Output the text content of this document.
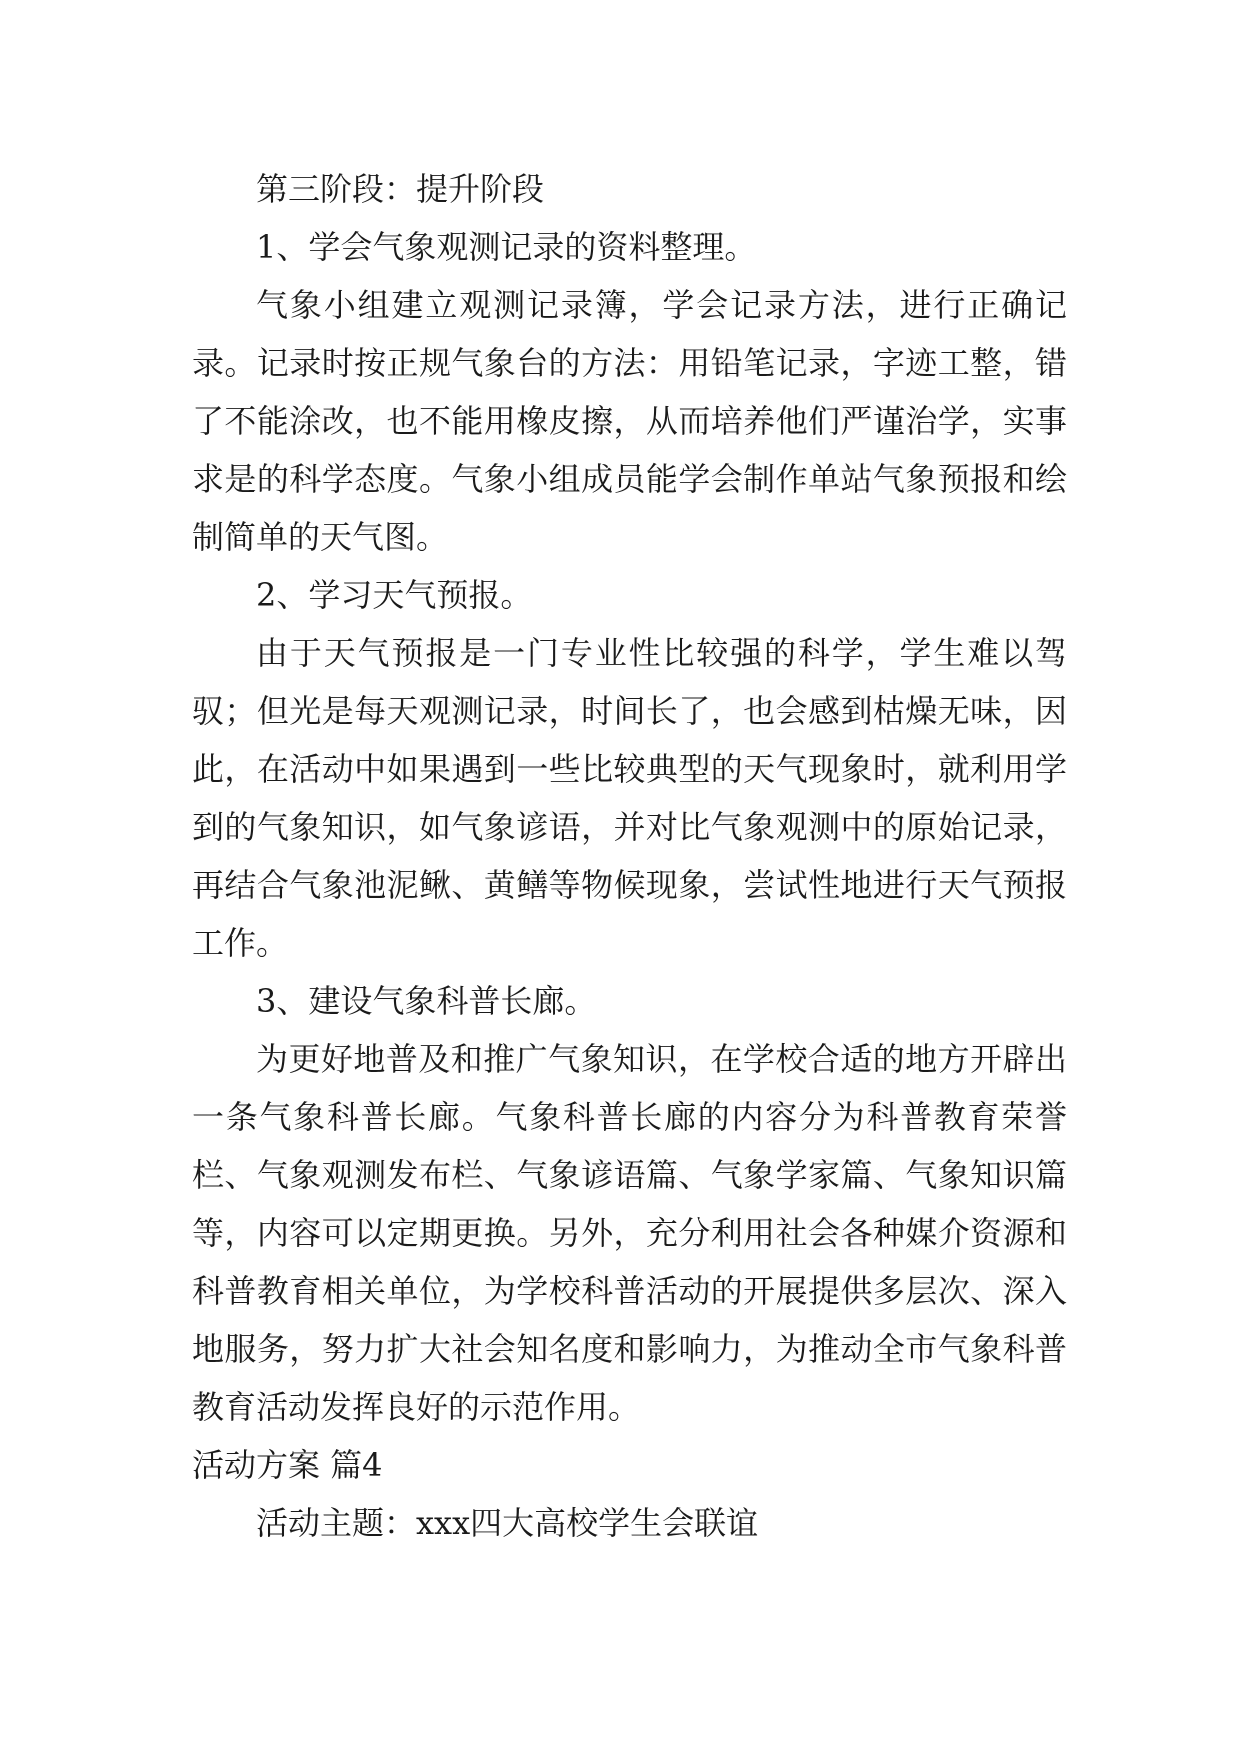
第三阶段：提升阶段

1、学会气象观测记录的资料整理。

气象小组建立观测记录簿，学会记录方法，进行正确记录。记录时按正规气象台的方法：用铅笔记录，字迹工整，错了不能涂改，也不能用橡皮擦，从而培养他们严谨治学，实事求是的科学态度。气象小组成员能学会制作单站气象预报和绘制简单的天气图。

2、学习天气预报。

由于天气预报是一门专业性比较强的科学，学生难以驾驭；但光是每天观测记录，时间长了，也会感到枯燥无味，因此，在活动中如果遇到一些比较典型的天气现象时，就利用学到的气象知识，如气象谚语，并对比气象观测中的原始记录，再结合气象池泥鳅、黄鳝等物候现象，尝试性地进行天气预报工作。

3、建设气象科普长廊。

为更好地普及和推广气象知识，在学校合适的地方开辟出一条气象科普长廊。气象科普长廊的内容分为科普教育荣誉栏、气象观测发布栏、气象谚语篇、气象学家篇、气象知识篇等，内容可以定期更换。另外，充分利用社会各种媒介资源和科普教育相关单位，为学校科普活动的开展提供多层次、深入地服务，努力扩大社会知名度和影响力，为推动全市气象科普教育活动发挥良好的示范作用。

活动方案 篇4

活动主题：xxx四大高校学生会联谊
